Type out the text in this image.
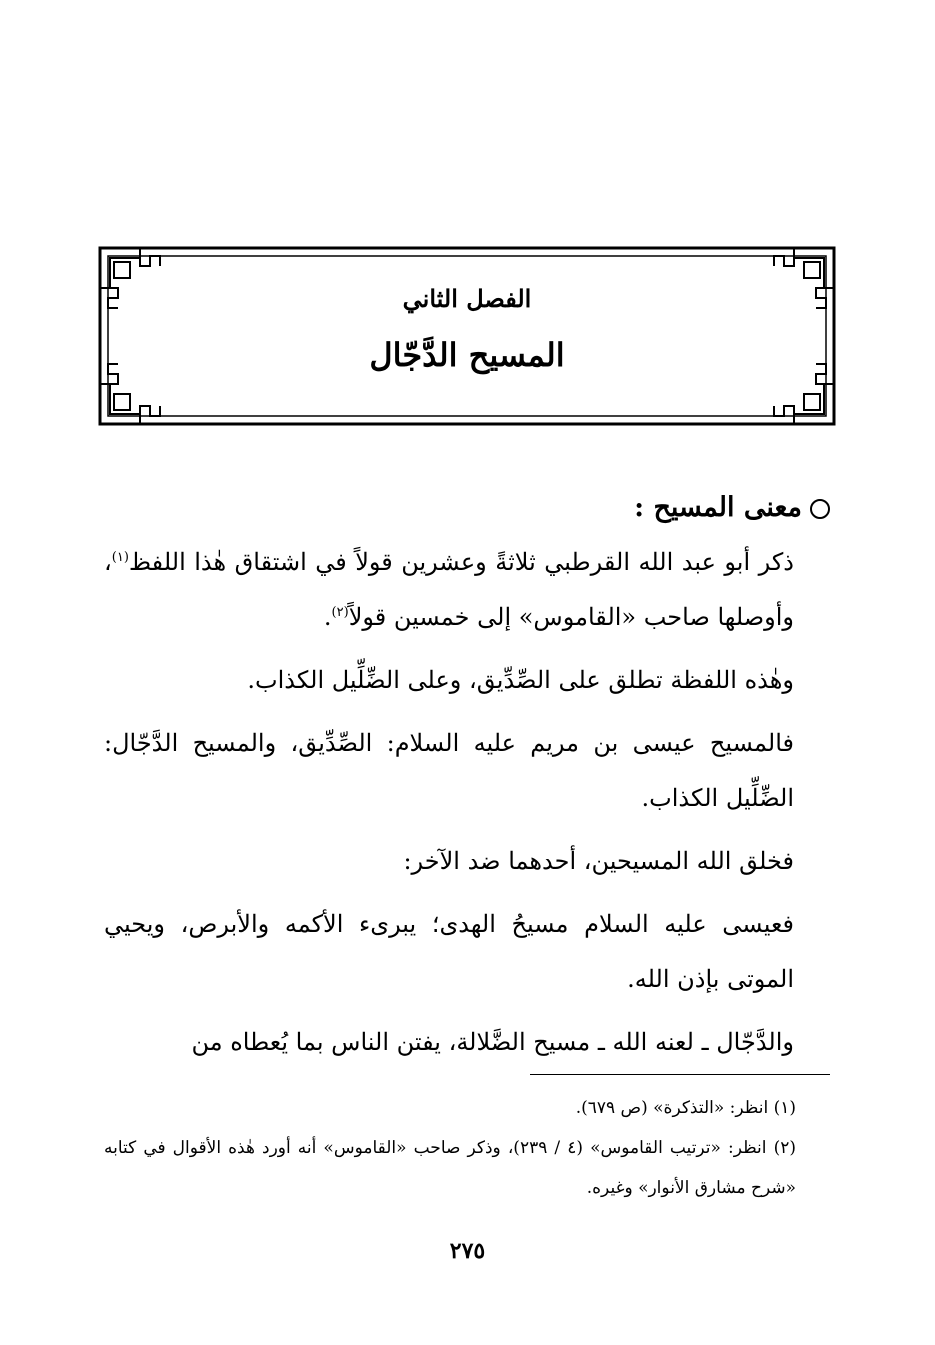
الفصل الثاني
المسيح الدَّجّال

معنى المسيح :

ذكر أبو عبد الله القرطبي ثلاثةً وعشرين قولاً في اشتقاق هٰذا اللفظ$^{(١)}$، وأوصلها صاحب «القاموس» إلى خمسين قولاً$^{(٢)}$.

وهٰذه اللفظة تطلق على الصِّدِّيق، وعلى الضِّلِّيل الكذاب.

فالمسيح عيسى بن مريم عليه السلام: الصِّدِّيق، والمسيح الدَّجّال: الضِّلِّيل الكذاب.

فخلق الله المسيحين، أحدهما ضد الآخر:

فعيسى عليه السلام مسيحُ الهدى؛ يبرىء الأكمه والأبرص، ويحيي الموتى بإذن الله.

والدَّجّال ـ لعنه الله ـ مسيح الضَّلالة، يفتن الناس بما يُعطاه من

(١) انظر: «التذكرة» (ص ٦٧٩).

(٢) انظر: «ترتيب القاموس» (٤ / ٢٣٩)، وذكر صاحب «القاموس» أنه أورد هٰذه الأقوال في كتابه «شرح مشارق الأنوار» وغيره.

٢٧٥
